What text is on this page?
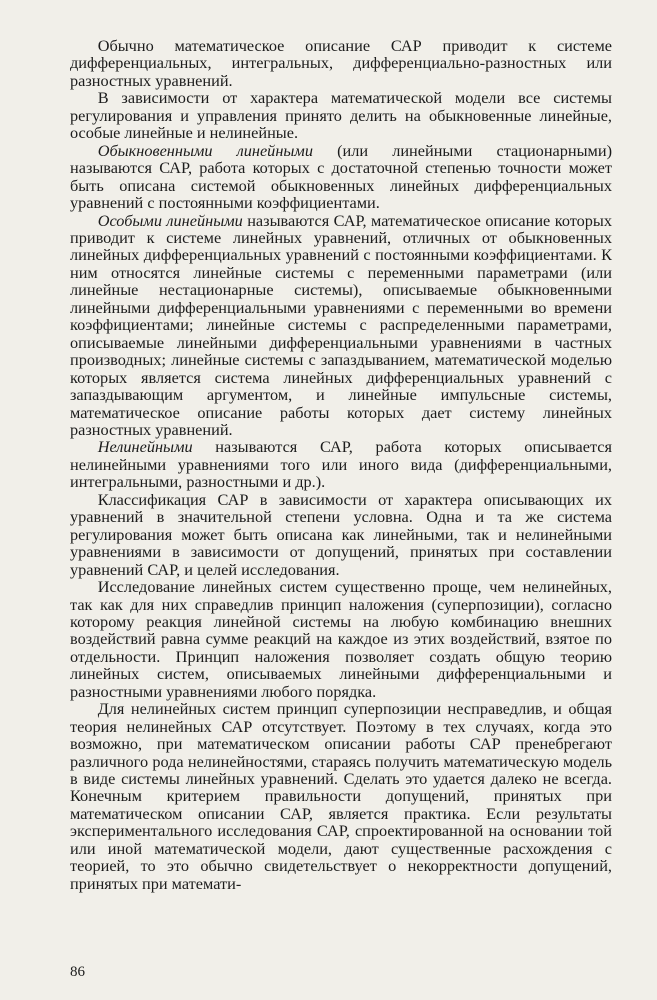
Обычно математическое описание САР приводит к системе дифференциальных, интегральных, дифференциально-разностных или разностных уравнений.

В зависимости от характера математической модели все системы регулирования и управления принято делить на обыкновенные линейные, особые линейные и нелинейные.

Обыкновенными линейными (или линейными стационарными) называются САР, работа которых с достаточной степенью точности может быть описана системой обыкновенных линейных дифференциальных уравнений с постоянными коэффициентами.

Особыми линейными называются САР, математическое описание которых приводит к системе линейных уравнений, отличных от обыкновенных линейных дифференциальных уравнений с постоянными коэффициентами. К ним относятся линейные системы с переменными параметрами (или линейные нестационарные системы), описываемые обыкновенными линейными дифференциальными уравнениями с переменными во времени коэффициентами; линейные системы с распределенными параметрами, описываемые линейными дифференциальными уравнениями в частных производных; линейные системы с запаздыванием, математической моделью которых является система линейных дифференциальных уравнений с запаздывающим аргументом, и линейные импульсные системы, математическое описание работы которых дает систему линейных разностных уравнений.

Нелинейными называются САР, работа которых описывается нелинейными уравнениями того или иного вида (дифференциальными, интегральными, разностными и др.).

Классификация САР в зависимости от характера описывающих их уравнений в значительной степени условна. Одна и та же система регулирования может быть описана как линейными, так и нелинейными уравнениями в зависимости от допущений, принятых при составлении уравнений САР, и целей исследования.

Исследование линейных систем существенно проще, чем нелинейных, так как для них справедлив принцип наложения (суперпозиции), согласно которому реакция линейной системы на любую комбинацию внешних воздействий равна сумме реакций на каждое из этих воздействий, взятое по отдельности. Принцип наложения позволяет создать общую теорию линейных систем, описываемых линейными дифференциальными и разностными уравнениями любого порядка.

Для нелинейных систем принцип суперпозиции несправедлив, и общая теория нелинейных САР отсутствует. Поэтому в тех случаях, когда это возможно, при математическом описании работы САР пренебрегают различного рода нелинейностями, стараясь получить математическую модель в виде системы линейных уравнений. Сделать это удается далеко не всегда. Конечным критерием правильности допущений, принятых при математическом описании САР, является практика. Если результаты экспериментального исследования САР, спроектированной на основании той или иной математической модели, дают существенные расхождения с теорией, то это обычно свидетельствует о некорректности допущений, принятых при математи-

86
